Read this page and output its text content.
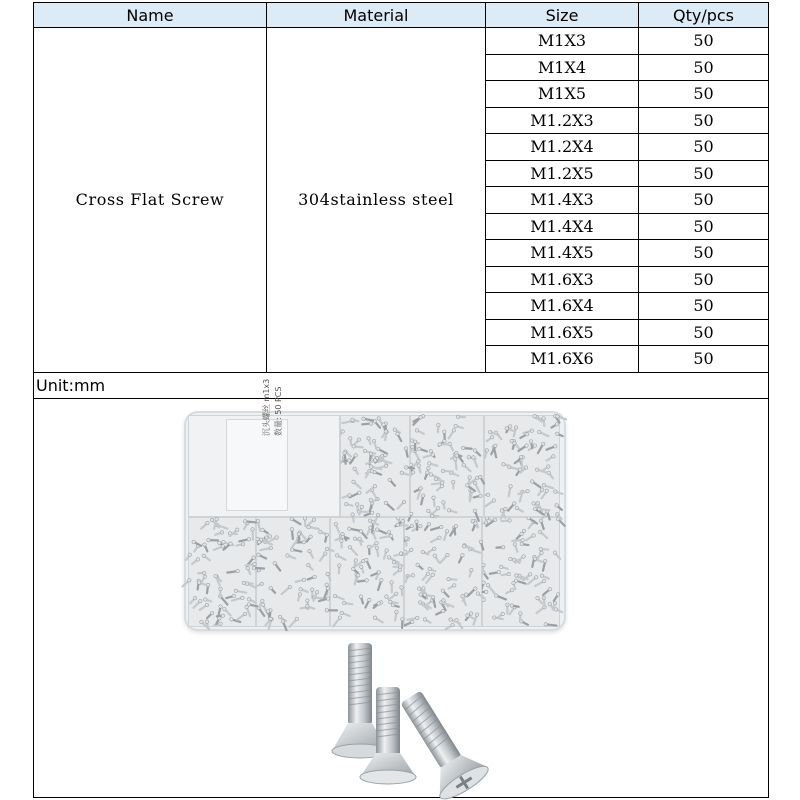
Name	Material	Size	Qty/pcs
Cross Flat Screw	304stainless steel	M1X3	50
		M1X4	50
		M1X5	50
		M1.2X3	50
		M1.2X4	50
		M1.2X5	50
		M1.4X3	50
		M1.4X4	50
		M1.4X5	50
		M1.6X3	50
		M1.6X4	50
		M1.6X5	50
		M1.6X6	50
Unit:mm			

沉头螺丝 m1x3 数量: 50 PCS			
